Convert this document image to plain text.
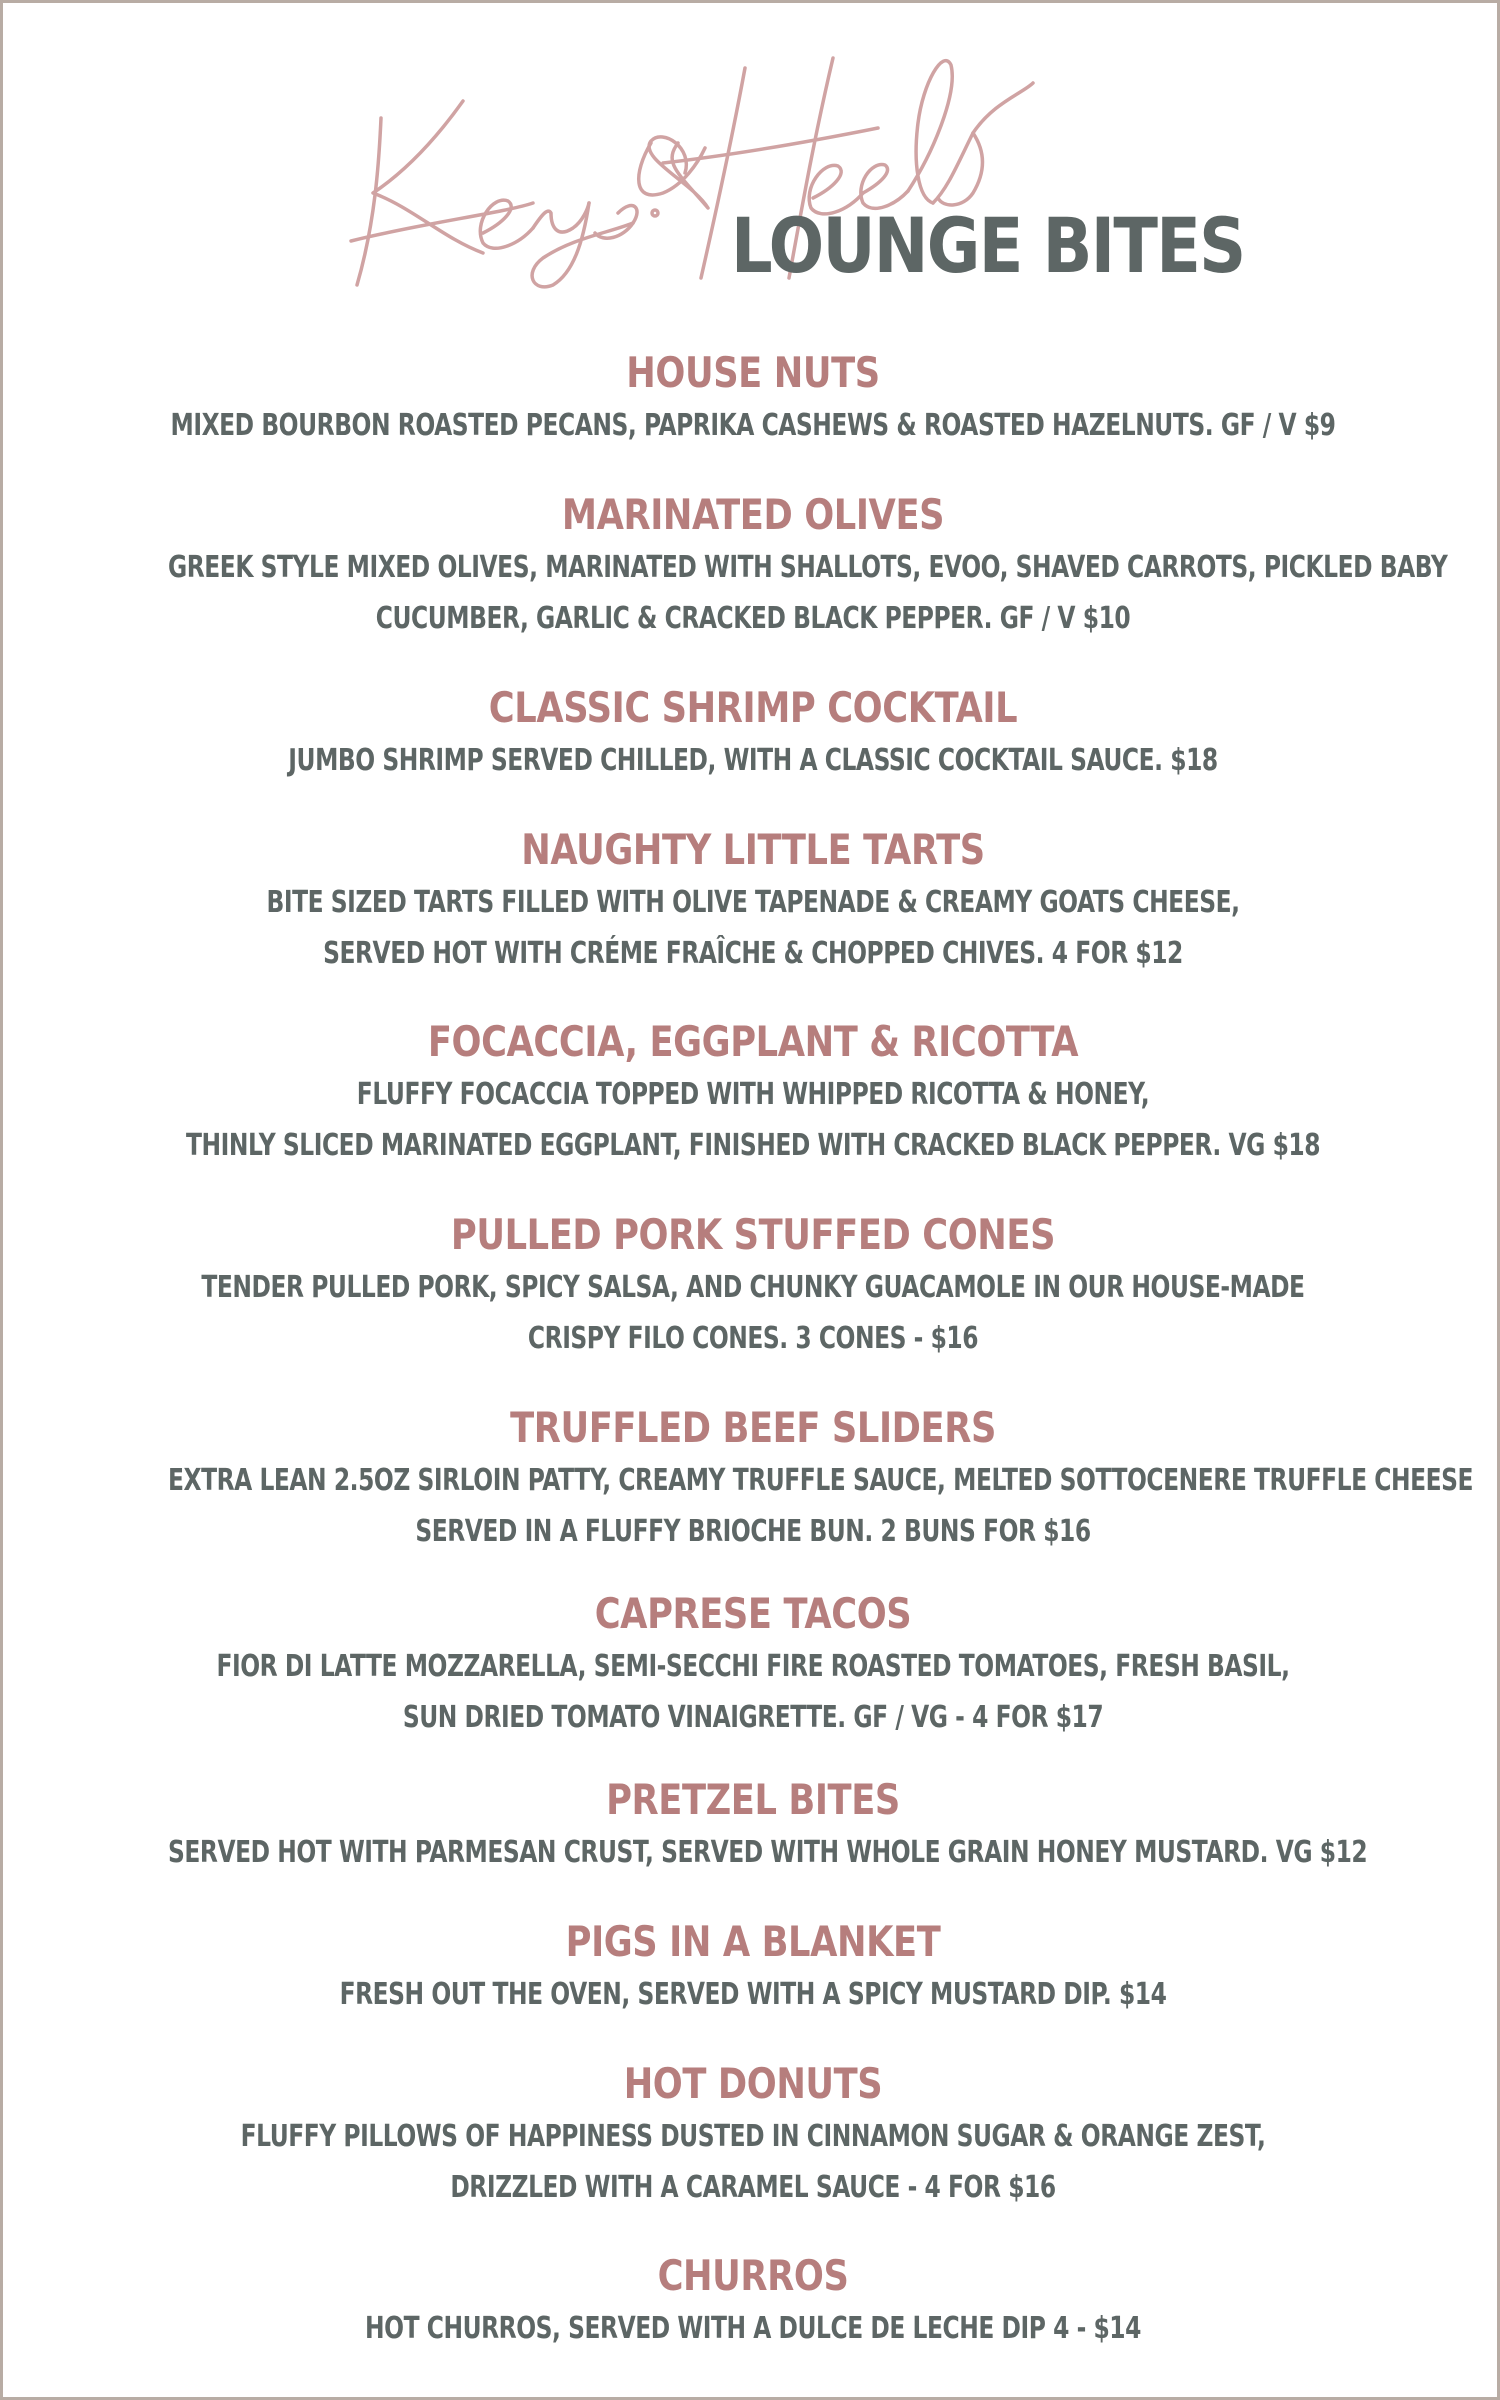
LOUNGE BITES
HOUSE NUTS
MIXED BOURBON ROASTED PECANS, PAPRIKA CASHEWS & ROASTED HAZELNUTS. GF / V $9
MARINATED OLIVES
GREEK STYLE MIXED OLIVES, MARINATED WITH SHALLOTS, EVOO, SHAVED CARROTS, PICKLED BABY
CUCUMBER, GARLIC & CRACKED BLACK PEPPER. GF / V $10
CLASSIC SHRIMP COCKTAIL
JUMBO SHRIMP SERVED CHILLED, WITH A CLASSIC COCKTAIL SAUCE. $18
NAUGHTY LITTLE TARTS
BITE SIZED TARTS FILLED WITH OLIVE TAPENADE & CREAMY GOATS CHEESE,
SERVED HOT WITH CRÉME FRAÎCHE & CHOPPED CHIVES. 4 FOR $12
FOCACCIA, EGGPLANT & RICOTTA
FLUFFY FOCACCIA TOPPED WITH WHIPPED RICOTTA & HONEY,
THINLY SLICED MARINATED EGGPLANT, FINISHED WITH CRACKED BLACK PEPPER. VG $18
PULLED PORK STUFFED CONES
TENDER PULLED PORK, SPICY SALSA, AND CHUNKY GUACAMOLE IN OUR HOUSE-MADE
CRISPY FILO CONES. 3 CONES - $16
TRUFFLED BEEF SLIDERS
EXTRA LEAN 2.5OZ SIRLOIN PATTY, CREAMY TRUFFLE SAUCE, MELTED SOTTOCENERE TRUFFLE CHEESE
SERVED IN A FLUFFY BRIOCHE BUN. 2 BUNS FOR $16
CAPRESE TACOS
FIOR DI LATTE MOZZARELLA, SEMI-SECCHI FIRE ROASTED TOMATOES, FRESH BASIL,
SUN DRIED TOMATO VINAIGRETTE. GF / VG - 4 FOR $17
PRETZEL BITES
SERVED HOT WITH PARMESAN CRUST, SERVED WITH WHOLE GRAIN HONEY MUSTARD. VG $12
PIGS IN A BLANKET
FRESH OUT THE OVEN, SERVED WITH A SPICY MUSTARD DIP. $14
HOT DONUTS
FLUFFY PILLOWS OF HAPPINESS DUSTED IN CINNAMON SUGAR & ORANGE ZEST,
DRIZZLED WITH A CARAMEL SAUCE - 4 FOR $16
CHURROS
HOT CHURROS, SERVED WITH A DULCE DE LECHE DIP 4 - $14
